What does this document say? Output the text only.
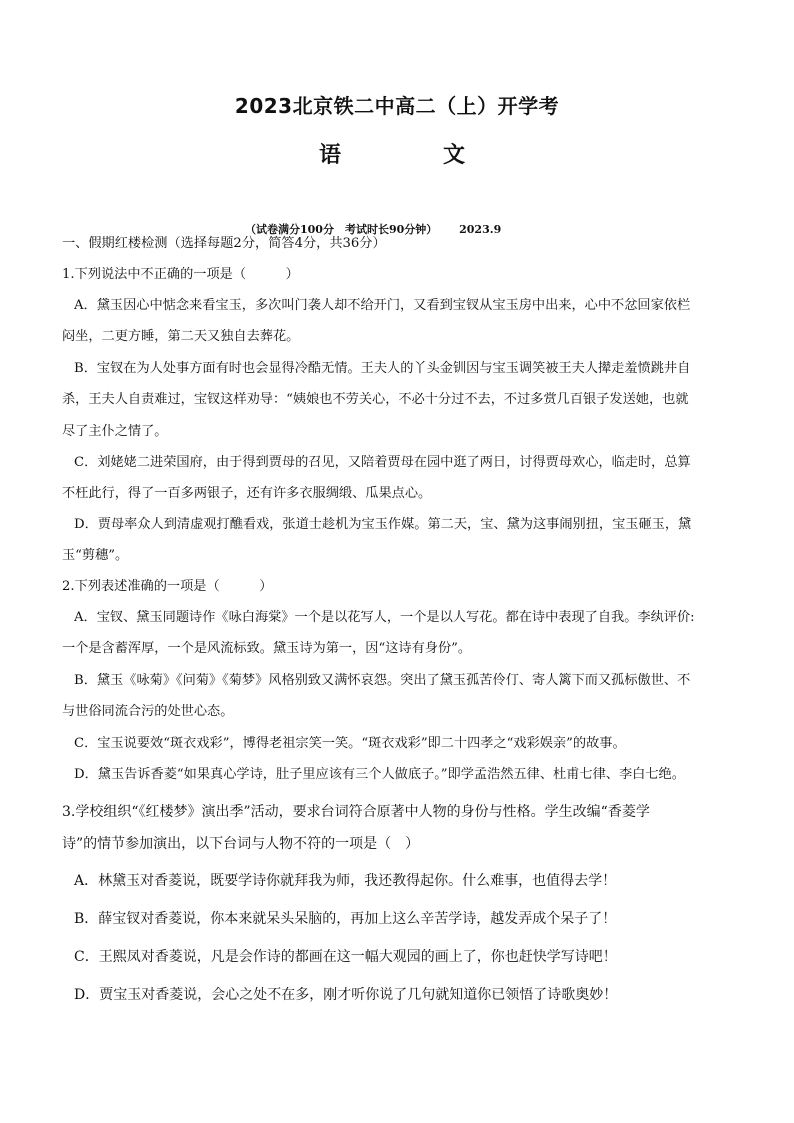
2023北京铁二中高二（上）开学考
语　文
（试卷满分100分　考试时长90分钟） 2023.9
一、假期红楼检测（选择每题2分，简答4分，共36分）
1.下列说法中不正确的一项是（　　　）
A．黛玉因心中惦念来看宝玉，多次叫门袭人却不给开门，又看到宝钗从宝玉房中出来，心中不忿回家依栏
闷坐，二更方睡，第二天又独自去葬花。
B．宝钗在为人处事方面有时也会显得冷酷无情。王夫人的丫头金钏因与宝玉调笑被王夫人撵走羞愤跳井自
杀，王夫人自责难过，宝钗这样劝导：“姨娘也不劳关心，不必十分过不去，不过多赏几百银子发送她，也就
尽了主仆之情了。
C．刘姥姥二进荣国府，由于得到贾母的召见，又陪着贾母在园中逛了两日，讨得贾母欢心，临走时，总算
不枉此行，得了一百多两银子，还有许多衣服绸缎、瓜果点心。
D．贾母率众人到清虚观打醮看戏，张道士趁机为宝玉作媒。第二天，宝、黛为这事闹别扭，宝玉砸玉，黛
玉“剪穗”。
2.下列表述准确的一项是（　　　）
A．宝钗、黛玉同题诗作《咏白海棠》一个是以花写人，一个是以人写花。都在诗中表现了自我。李纨评价:
一个是含蓄浑厚，一个是风流标致。黛玉诗为第一，因“这诗有身份”。
B．黛玉《咏菊》《问菊》《菊梦》风格别致又满怀哀怨。突出了黛玉孤苦伶仃、寄人篱下而又孤标傲世、不
与世俗同流合污的处世心态。
C．宝玉说要效“斑衣戏彩”，博得老祖宗笑一笑。“斑衣戏彩”即二十四孝之“戏彩娱亲”的故事。
D．黛玉告诉香菱“如果真心学诗，肚子里应该有三个人做底子。”即学孟浩然五律、杜甫七律、李白七绝。
3.学校组织“《红楼梦》演出季”活动，要求台词符合原著中人物的身份与性格。学生改编“香菱学
诗”的情节参加演出，以下台词与人物不符的一项是（　）
A．林黛玉对香菱说，既要学诗你就拜我为师，我还教得起你。什么难事，也值得去学！
B．薛宝钗对香菱说，你本来就呆头呆脑的，再加上这么辛苦学诗，越发弄成个呆子了！
C．王熙凤对香菱说，凡是会作诗的都画在这一幅大观园的画上了，你也赶快学写诗吧！
D．贾宝玉对香菱说，会心之处不在多，刚才听你说了几句就知道你已领悟了诗歌奥妙！
